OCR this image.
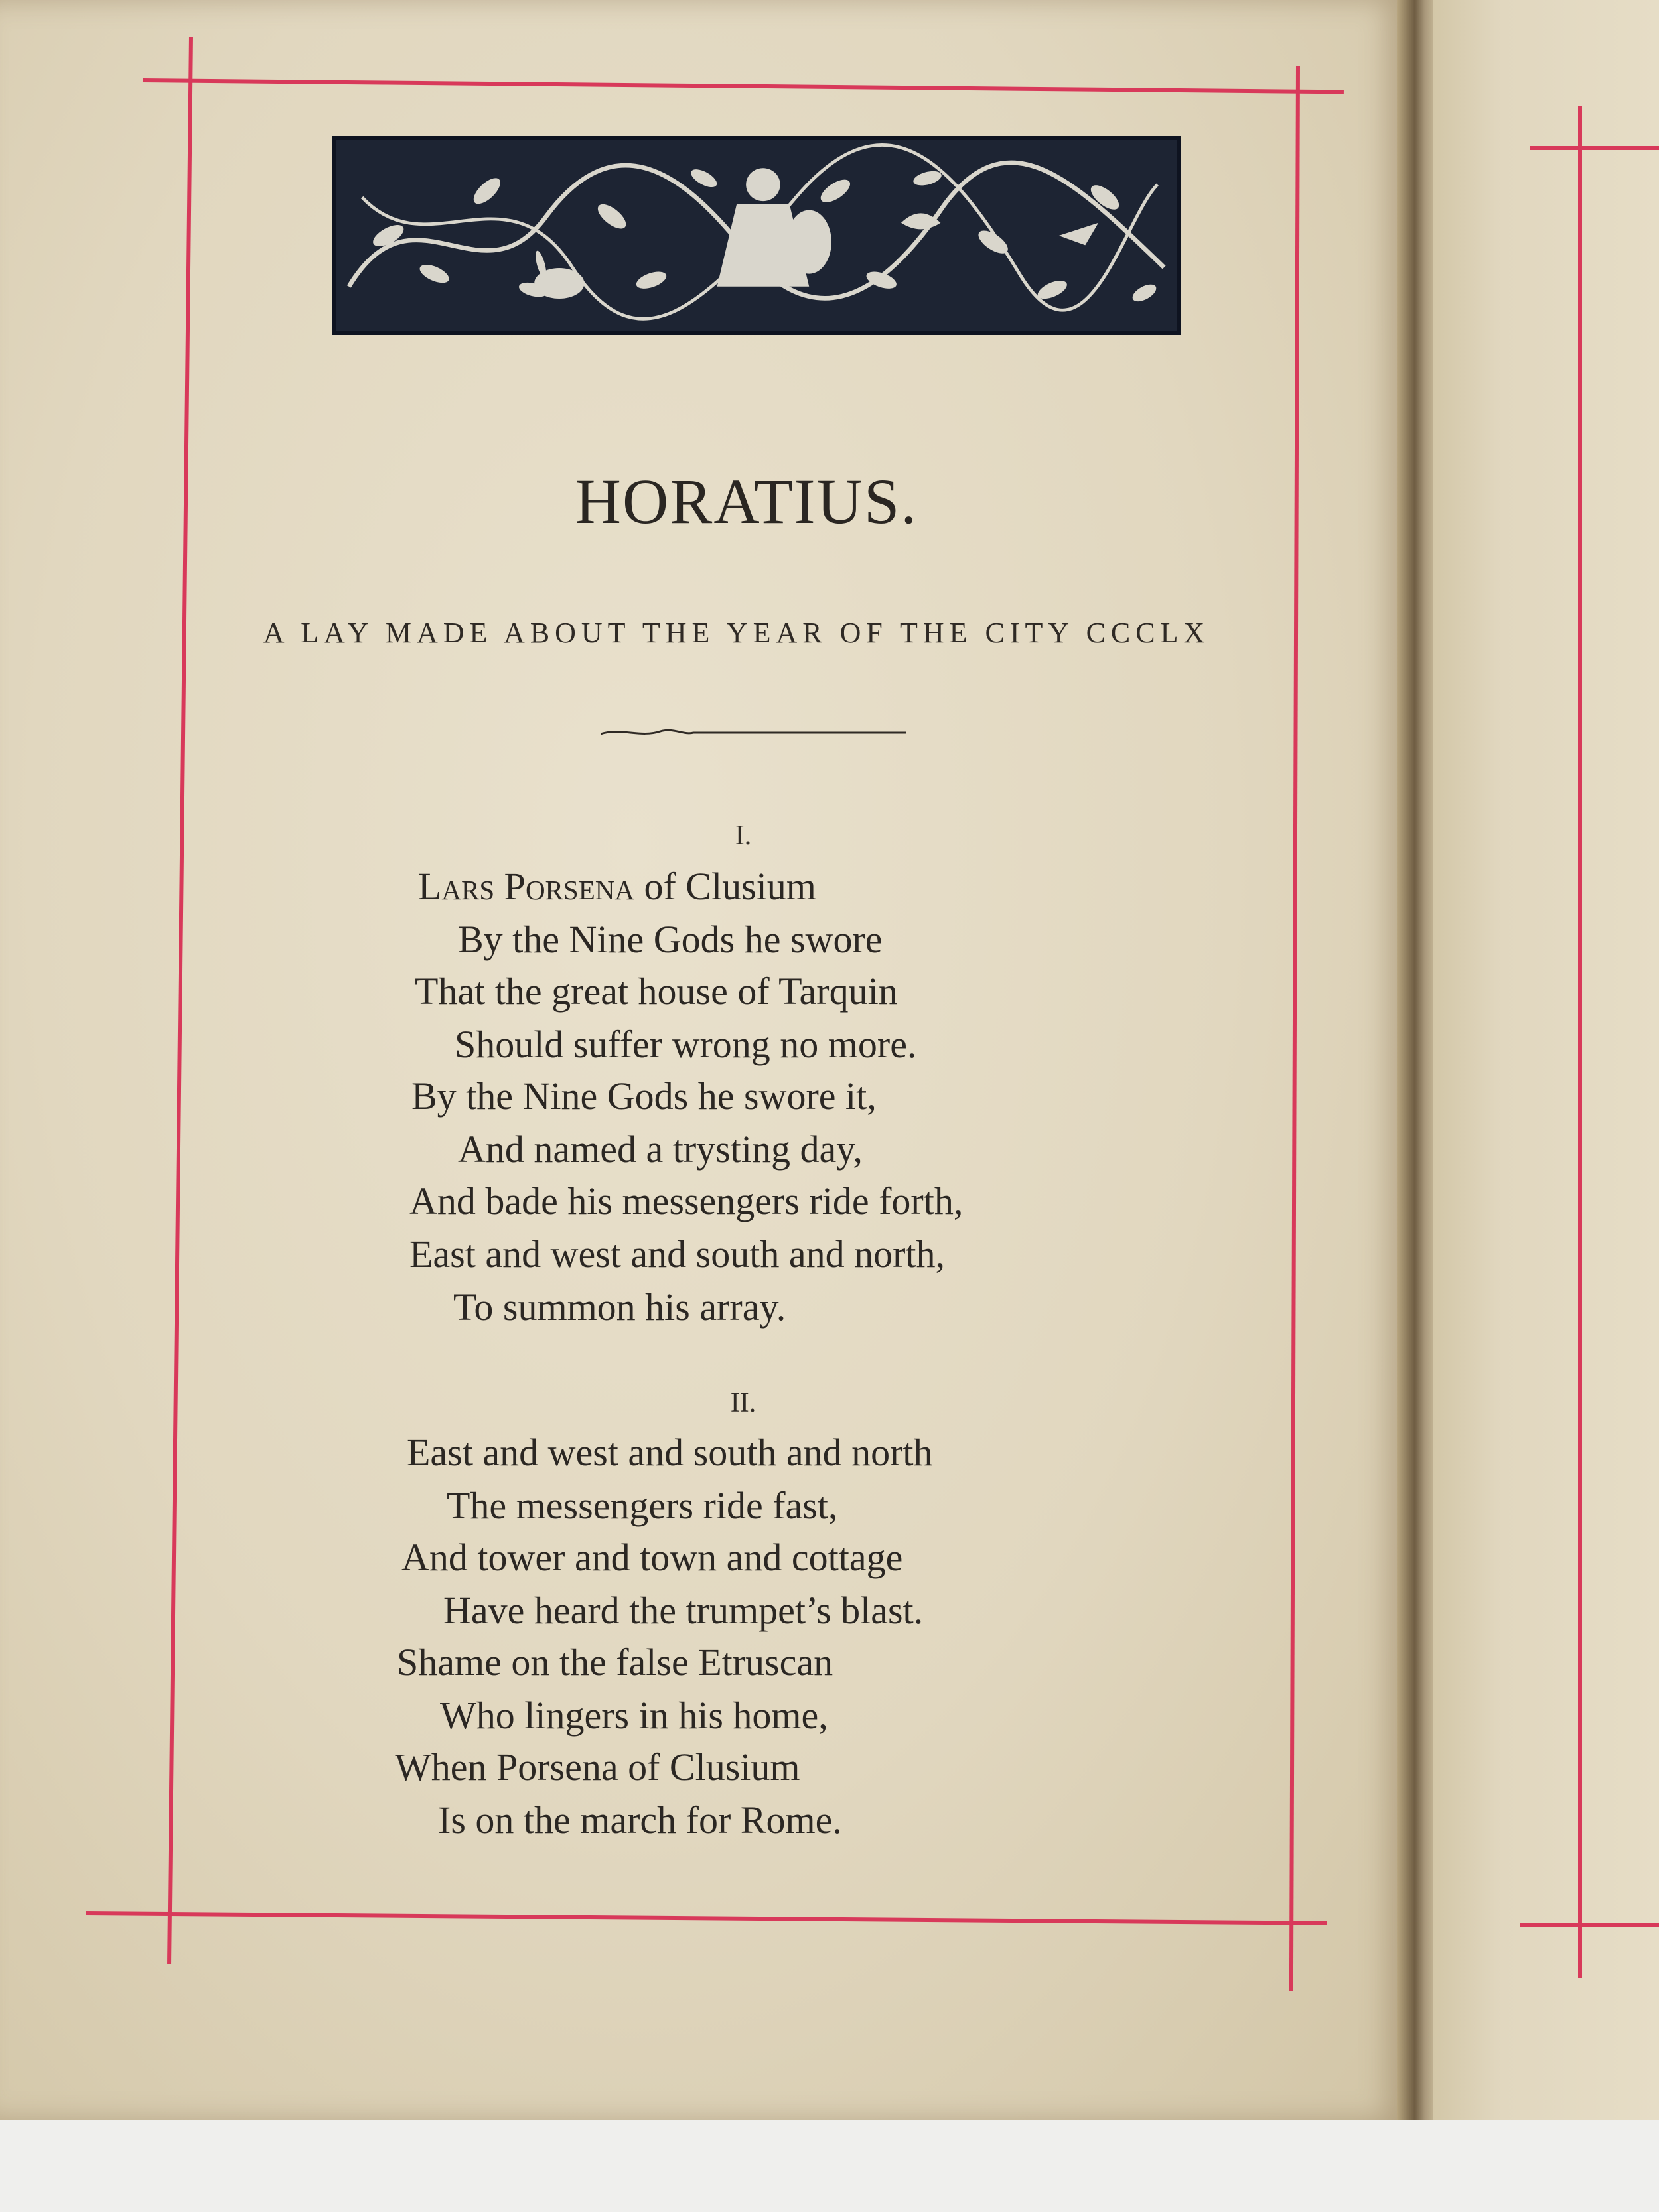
HORATIUS.
A LAY MADE ABOUT THE YEAR OF THE CITY CCCLX
I.
Lars Porsena of Clusium
By the Nine Gods he swore
That the great house of Tarquin
Should suffer wrong no more.
By the Nine Gods he swore it,
And named a trysting day,
And bade his messengers ride forth,
East and west and south and north,
To summon his array.
II.
East and west and south and north
The messengers ride fast,
And tower and town and cottage
Have heard the trumpet’s blast.
Shame on the false Etruscan
Who lingers in his home,
When Porsena of Clusium
Is on the march for Rome.
